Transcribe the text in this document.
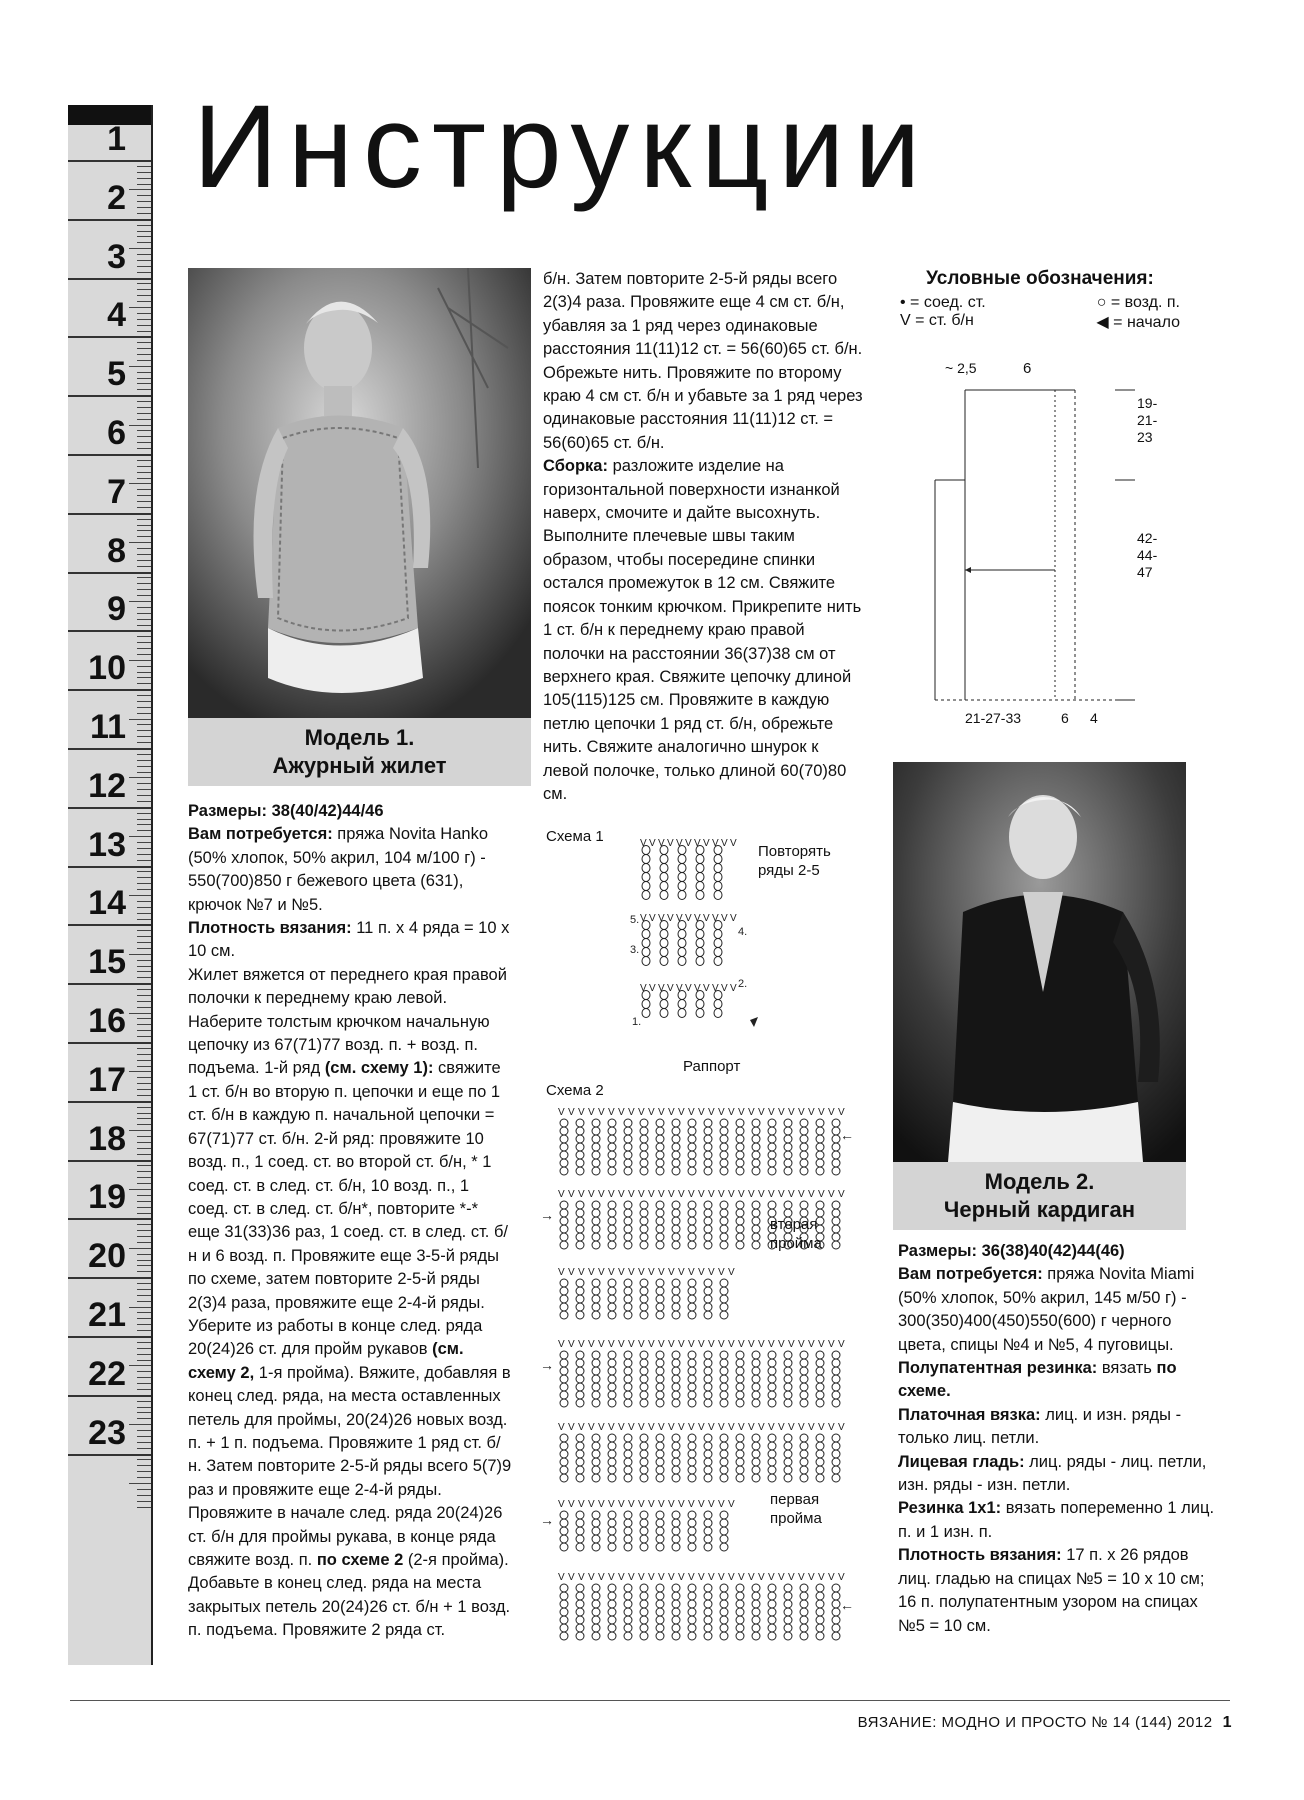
1
2
3
4
5
6
7
8
9
10
11
12
13
14
15
16
17
18
19
20
21
22
23
Инструкции
Модель 1.
Ажурный жилет

Размеры: 38(40/42)44/46

Вам потребуется: пряжа Novita Hanko (50% хлопок, 50% акрил, 104 м/100 г) - 550(700)850 г бежевого цвета (631), крючок №7 и №5.

Плотность вязания: 11 п. х 4 ряда = 10 х 10 см.

Жилет вяжется от переднего края правой полочки к переднему краю левой. Наберите толстым крючком начальную цепочку из 67(71)77 возд. п. + возд. п. подъема. 1-й ряд (см. схему 1): свяжите 1 ст. б/н во вторую п. цепочки и еще по 1 ст. б/н в каждую п. начальной цепочки = 67(71)77 ст. б/н. 2-й ряд: провяжите 10 возд. п., 1 соед. ст. во второй ст. б/н, * 1 соед. ст. в след. ст. б/н, 10 возд. п., 1 соед. ст. в след. ст. б/н*, повторите *-* еще 31(33)36 раз, 1 соед. ст. в след. ст. б/н и 6 возд. п. Провяжите еще 3-5-й ряды по схеме, затем повторите 2-5-й ряды 2(3)4 раза, провяжите еще 2-4-й ряды. Уберите из работы в конце след. ряда 20(24)26 ст. для пройм рукавов (см. схему 2, 1-я пройма). Вяжите, добавляя в конец след. ряда, на места оставленных петель для проймы, 20(24)26 новых возд. п. + 1 п. подъема. Провяжите 1 ряд ст. б/н. Затем повторите 2-5-й ряды всего 5(7)9 раз и провяжите еще 2-4-й ряды. Провяжите в начале след. ряда 20(24)26 ст. б/н для проймы рукава, в конце ряда свяжите возд. п. по схеме 2 (2-я пройма). Добавьте в конец след. ряда на места закрытых петель 20(24)26 ст. б/н + 1 возд. п. подъема. Провяжите 2 ряда ст.

б/н. Затем повторите 2-5-й ряды всего 2(3)4 раза. Провяжите еще 4 см ст. б/н, убавляя за 1 ряд через одинаковые расстояния 11(11)12 ст. = 56(60)65 ст. б/н. Обрежьте нить. Провяжите по второму краю 4 см ст. б/н и убавьте за 1 ряд через одинаковые расстояния 11(11)12 ст. = 56(60)65 ст. б/н.

Сборка: разложите изделие на горизонтальной поверхности изнанкой наверх, смочите и дайте высохнуть. Выполните плечевые швы таким образом, чтобы посередине спинки остался промежуток в 12 см. Свяжите поясок тонким крючком. Прикрепите нить 1 ст. б/н к переднему краю правой полочки на расстоянии 36(37)38 см от верхнего края. Свяжите цепочку длиной 105(115)125 см. Провяжите в каждую петлю цепочки 1 ряд ст. б/н, обрежьте нить. Свяжите аналогично шнурок к левой полочке, только длиной 60(70)80 см.

Условные обозначения:
• = соед. ст.	○ = возд. п.
V = ст. б/н	◀ = начало
~ 2,5	6
19-
21-
23
42-
44-
47
21-27-33	6 4
Модель 2.
Черный кардиган

Размеры: 36(38)40(42)44(46)

Вам потребуется: пряжа Novita Miami (50% хлопок, 50% акрил, 145 м/50 г) - 300(350)400(450)550(600) г черного цвета, спицы №4 и №5, 4 пуговицы.

Полупатентная резинка: вязать по схеме.

Платочная вязка: лиц. и изн. ряды - только лиц. петли.

Лицевая гладь: лиц. ряды - лиц. петли, изн. ряды - изн. петли.

Резинка 1х1: вязать попеременно 1 лиц. п. и 1 изн. п.

Плотность вязания: 17 п. х 26 рядов лиц. гладью на спицах №5 = 10 х 10 см; 16 п. полупатентным узором на спицах №5 = 10 см.

Схема 1	V V V V V V V V V V V
V V V V V V V V V V V
V V V V V V V V V V V
5.
4.
3.
2.
1.
Повторять ряды 2-5
Раппорт
Схема 2
V V V V V V V V V V V V V V V V V V V V V V V V V V V V V
V V V V V V V V V V V V V V V V V V V V V V V V V V V V V
V V V V V V V V V V V V V V V V V V
V V V V V V V V V V V V V V V V V V V V V V V V V V V V V
V V V V V V V V V V V V V V V V V V V V V V V V V V V V V
V V V V V V V V V V V V V V V V V V
V V V V V V V V V V V V V V V V V V V V V V V V V V V V V
←
→
→
←
→
вторая пройма
первая пройма
ВЯЗАНИЕ: МОДНО И ПРОСТО № 14 (144) 2012 1
